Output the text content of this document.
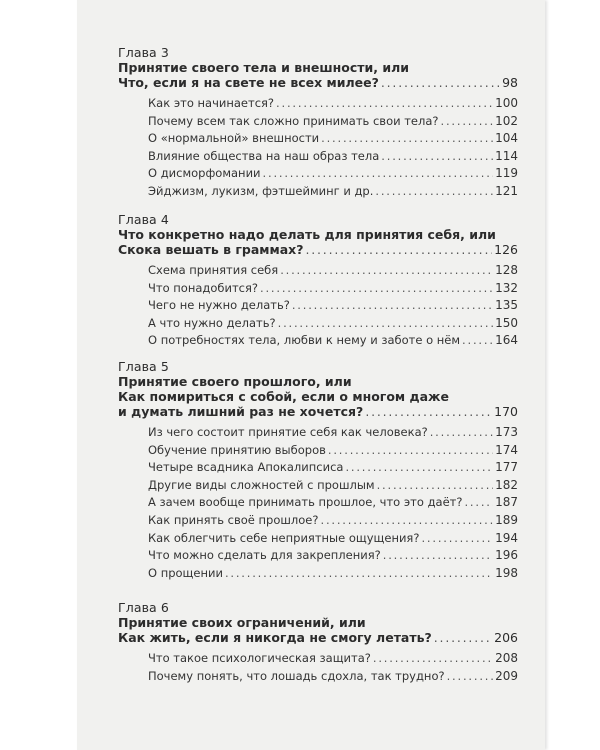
Глава 3
Принятие своего тела и внешности, или
Что, если я на свете не всех милее? .....	98
Как это начинается? .....	100
Почему всем так сложно принимать свои тела? .....	102
О «нормальной» внешности .....	104
Влияние общества на наш образ тела .....	114
О дисморфомании .....	119
Эйджизм, лукизм, фэтшейминг и др. .....	121
Глава 4
Что конкретно надо делать для принятия себя, или
Скока вешать в граммах? .....	126
Схема принятия себя .....	128
Что понадобится? .....	132
Чего не нужно делать? .....	135
А что нужно делать? .....	150
О потребностях тела, любви к нему и заботе о нём .....	164
Глава 5
Принятие своего прошлого, или
Как помириться с собой, если о многом даже
и думать лишний раз не хочется? .....	170
Из чего состоит принятие себя как человека? .....	173
Обучение принятию выборов .....	174
Четыре всадника Апокалипсиса .....	177
Другие виды сложностей с прошлым .....	182
А зачем вообще принимать прошлое, что это даёт? .....	187
Как принять своё прошлое? .....	189
Как облегчить себе неприятные ощущения? .....	194
Что можно сделать для закрепления? .....	196
О прощении .....	198
Глава 6
Принятие своих ограничений, или
Как жить, если я никогда не смогу летать? .....	206
Что такое психологическая защита? .....	208
Почему понять, что лошадь сдохла, так трудно? .....	209
